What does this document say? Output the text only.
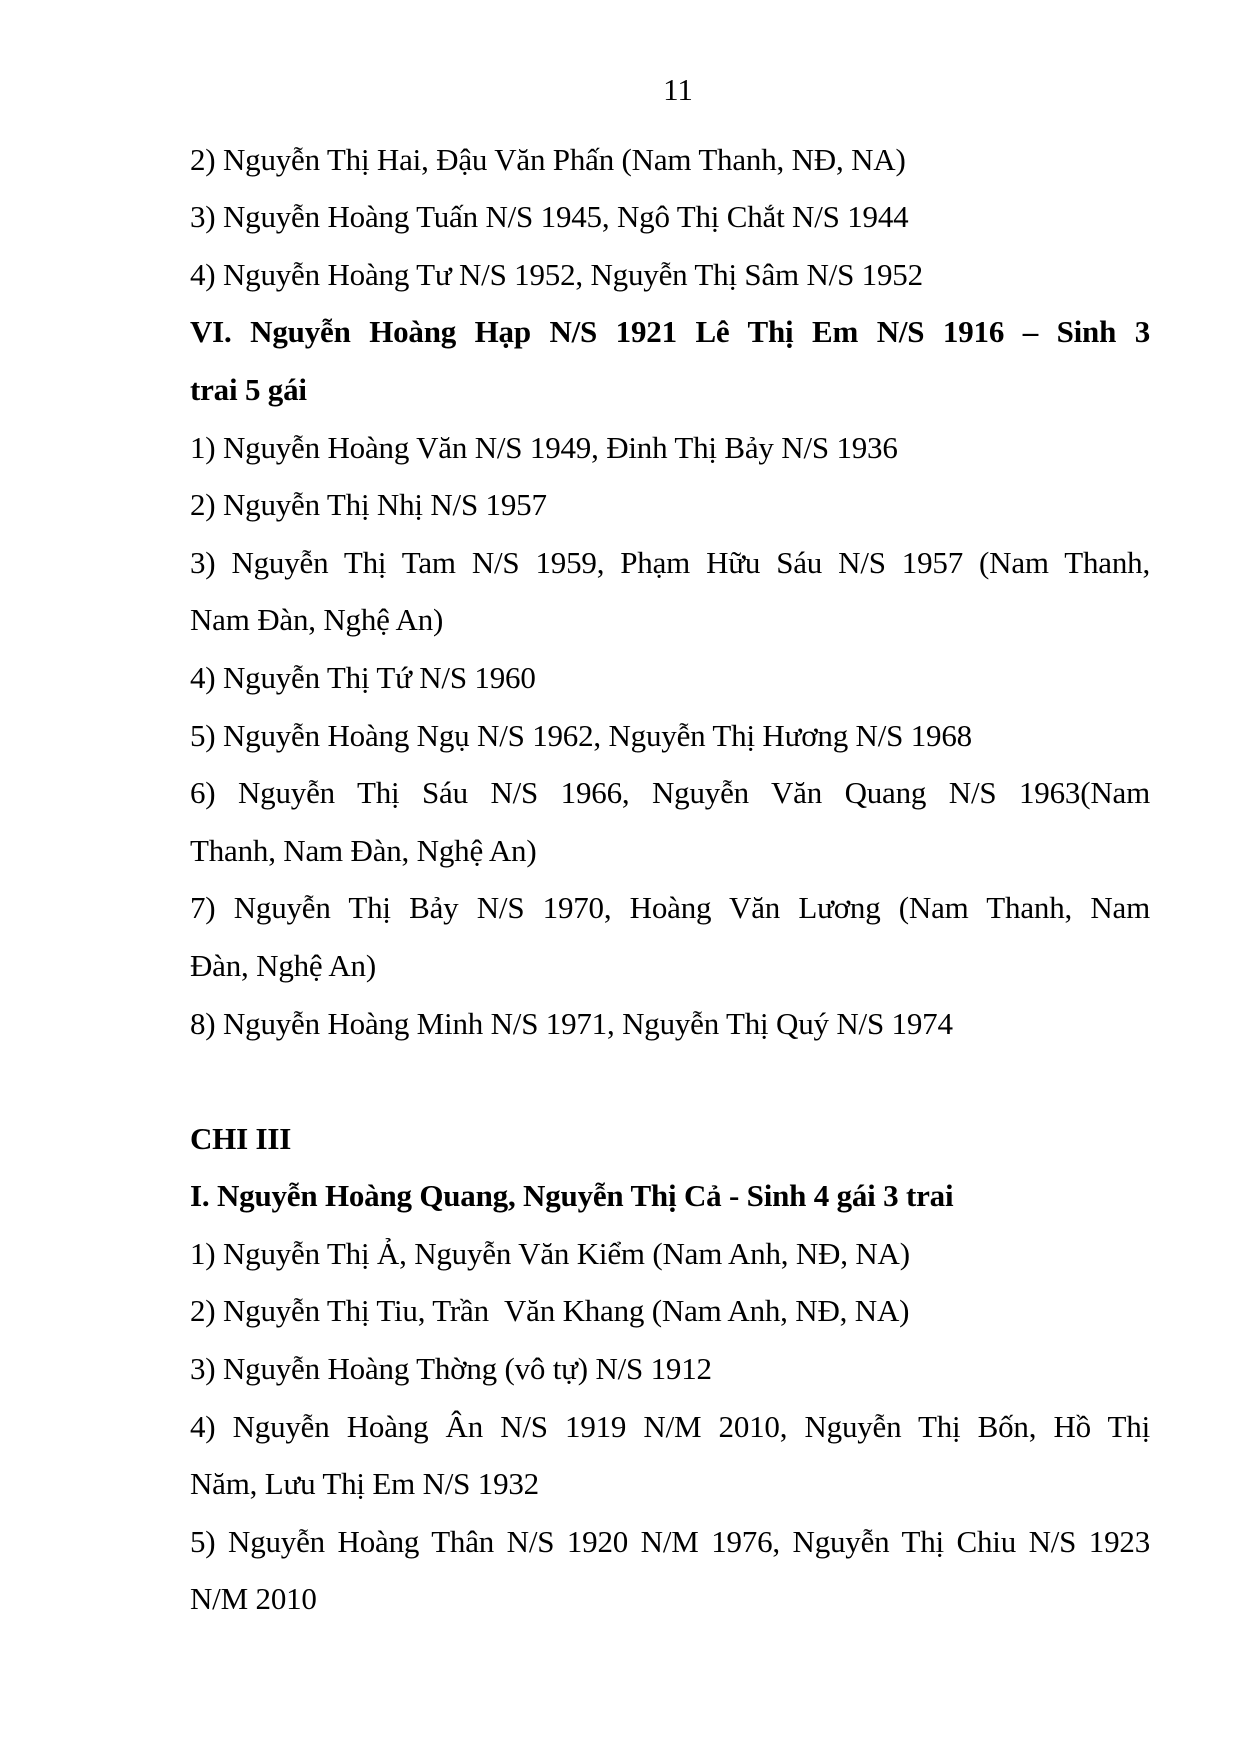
11
2) Nguyễn Thị Hai, Đậu Văn Phấn (Nam Thanh, NĐ, NA)
3) Nguyễn Hoàng Tuấn N/S 1945, Ngô Thị Chắt N/S 1944
4) Nguyễn Hoàng Tư N/S 1952, Nguyễn Thị Sâm N/S 1952
VI. Nguyễn Hoàng Hạp N/S 1921 Lê Thị Em N/S 1916 – Sinh 3
trai 5 gái
1) Nguyễn Hoàng Văn N/S 1949, Đinh Thị Bảy N/S 1936
2) Nguyễn Thị Nhị N/S 1957
3) Nguyễn Thị Tam N/S 1959, Phạm Hữu Sáu N/S 1957 (Nam Thanh,
Nam Đàn, Nghệ An)
4) Nguyễn Thị Tứ N/S 1960
5) Nguyễn Hoàng Ngụ N/S 1962, Nguyễn Thị Hương N/S 1968
6) Nguyễn Thị Sáu N/S 1966, Nguyễn Văn Quang N/S 1963(Nam
Thanh, Nam Đàn, Nghệ An)
7) Nguyễn Thị Bảy N/S 1970, Hoàng Văn Lương (Nam Thanh, Nam
Đàn, Nghệ An)
8) Nguyễn Hoàng Minh N/S 1971, Nguyễn Thị Quý N/S 1974
CHI III
I. Nguyễn Hoàng Quang, Nguyễn Thị Cả - Sinh 4 gái 3 trai
1) Nguyễn Thị Ả, Nguyễn Văn Kiểm (Nam Anh, NĐ, NA)
2) Nguyễn Thị Tiu, Trần  Văn Khang (Nam Anh, NĐ, NA)
3) Nguyễn Hoàng Thờng (vô tự) N/S 1912
4) Nguyễn Hoàng Ân N/S 1919 N/M 2010, Nguyễn Thị Bốn, Hồ Thị
Năm, Lưu Thị Em N/S 1932
5) Nguyễn Hoàng Thân N/S 1920 N/M 1976, Nguyễn Thị Chiu N/S 1923
N/M 2010
